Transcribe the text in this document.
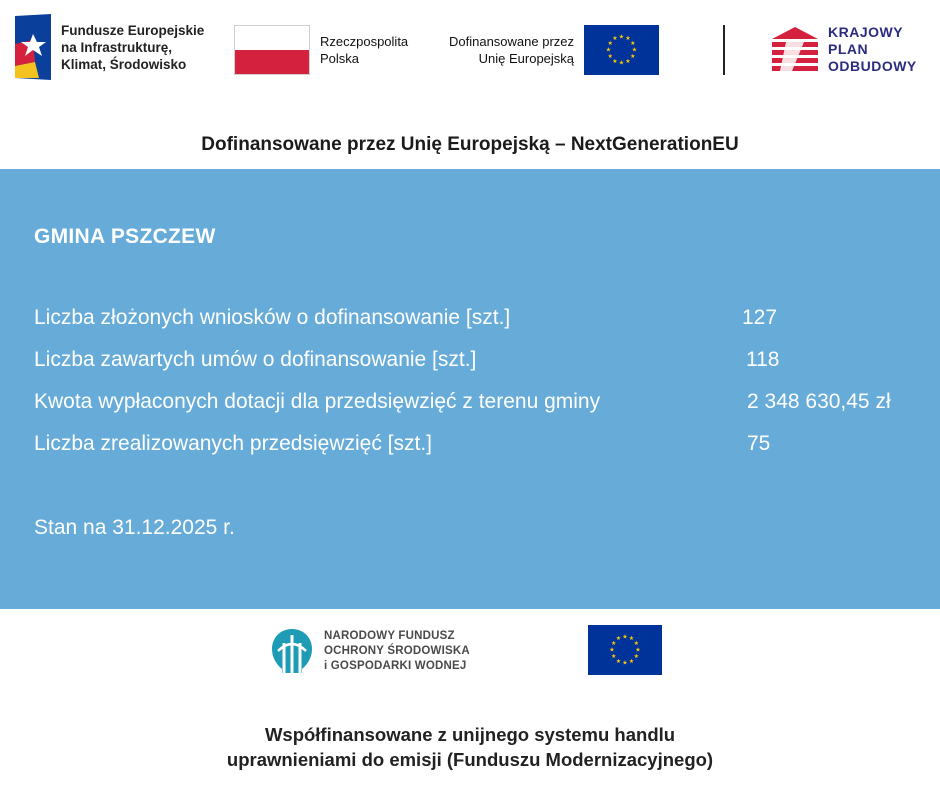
Fundusze Europejskie
na Infrastrukturę,
Klimat, Środowisko
Rzeczpospolita
Polska
Dofinansowane przez
Unię Europejską
★ ★
★
★
★
★
★
★
★
★
★
★	KRAJOWY
PLAN
ODBUDOWY
Dofinansowane przez Unię Europejską – NextGenerationEU
GMINA PSZCZEW
Liczba złożonych wniosków o dofinansowanie [szt.]	127
Liczba zawartych umów o dofinansowanie [szt.]	118
Kwota wypłaconych dotacji dla przedsięwzięć z terenu gminy	2 348 630,45 zł
Liczba zrealizowanych przedsięwzięć [szt.]	75
Stan na 31.12.2025 r.
NARODOWY FUNDUSZ
OCHRONY ŚRODOWISKA
i GOSPODARKI WODNEJ
★ ★
★
★
★
★
★
★
★
★
★
★
Współfinansowane z unijnego systemu handlu
uprawnieniami do emisji (Funduszu Modernizacyjnego)
